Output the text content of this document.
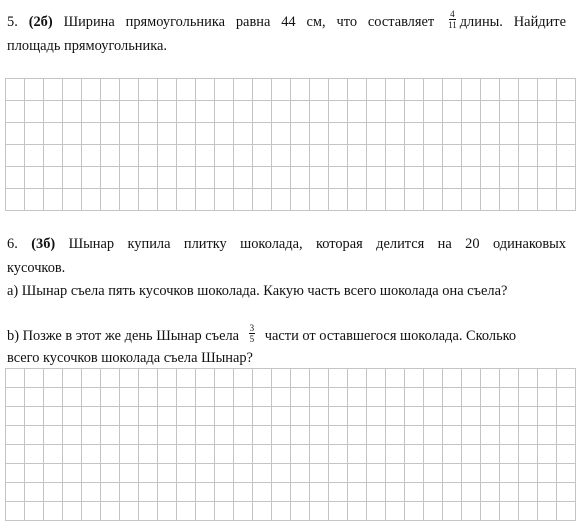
5. (2б) Ширина прямоугольника равна 44 см, что составляет $\frac{4}{11}$ длины. Найдите
площадь прямоугольника.
6. (3б) Шынар купила плитку шоколада, которая делится на 20 одинаковых
кусочков.
a) Шынар съела пять кусочков шоколада. Какую часть всего шоколада она съела?
b) Позже в этот же день Шынар съела $\frac{3}{5}$ части от оставшегося шоколада. Сколько
всего кусочков шоколада съела Шынар?
